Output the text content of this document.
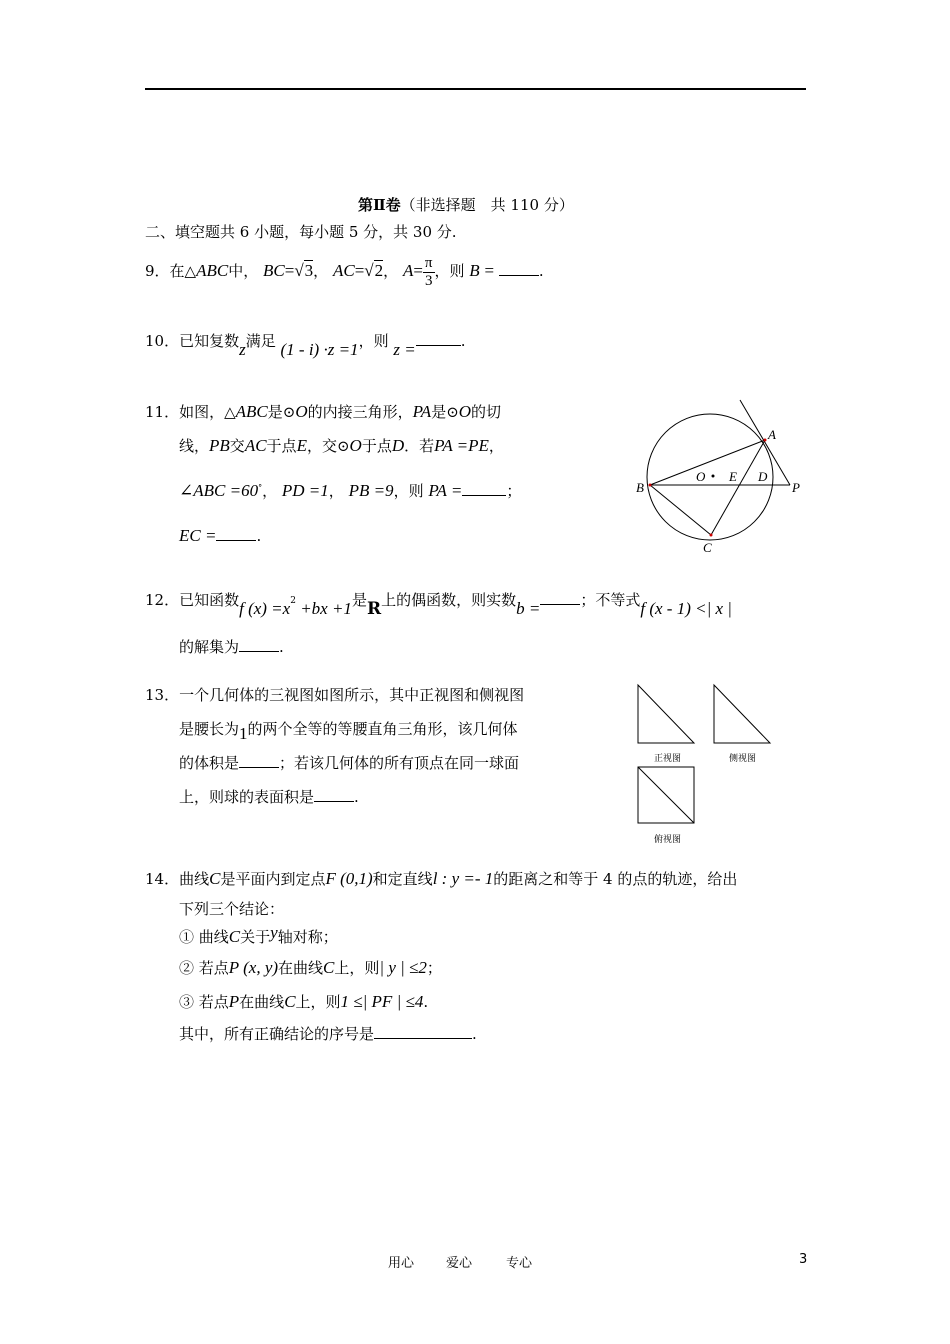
第Ⅱ卷（非选择题　共 110 分）
二、填空题共 6 小题，每小题 5 分，共 30 分.
9．在△ABC中， BC=√3， AC=√2， $A= \frac{\pi}{3}$ ，则 B =	.
10．已知复数z满足 (1 - i) ·z =1，则 z =	.
11．如图，△ABC是⊙O的内接三角形，PA是⊙O的切
线，PB交AC于点E，交⊙O于点D．若PA =PE，
∠ABC =60°， PD =1， PB =9，则 PA =	；
EC =	.
A
B
C
O E D
P
12．已知函数f $(x) =x^2 +bx +1$是R上的偶函数，则实数b =	；不等式f (x - 1) <| x |
的解集为	.
13．一个几何体的三视图如图所示，其中正视图和侧视图
是腰长为1的两个全等的等腰直角三角形，该几何体
的体积是	；若该几何体的所有顶点在同一球面
上，则球的表面积是	.
正视图	侧视图
俯视图
14．曲线C是平面内到定点F (0,1)和定直线l : y =- 1的距离之和等于 4 的点的轨迹，给出
下列三个结论：
① 曲线C关于y轴对称；
② 若点P (x, y)在曲线C上，则| y | ≤2；
③ 若点P在曲线C上，则1 ≤| PF | ≤4.
其中，所有正确结论的序号是	.
用心 爱心	专心	3
